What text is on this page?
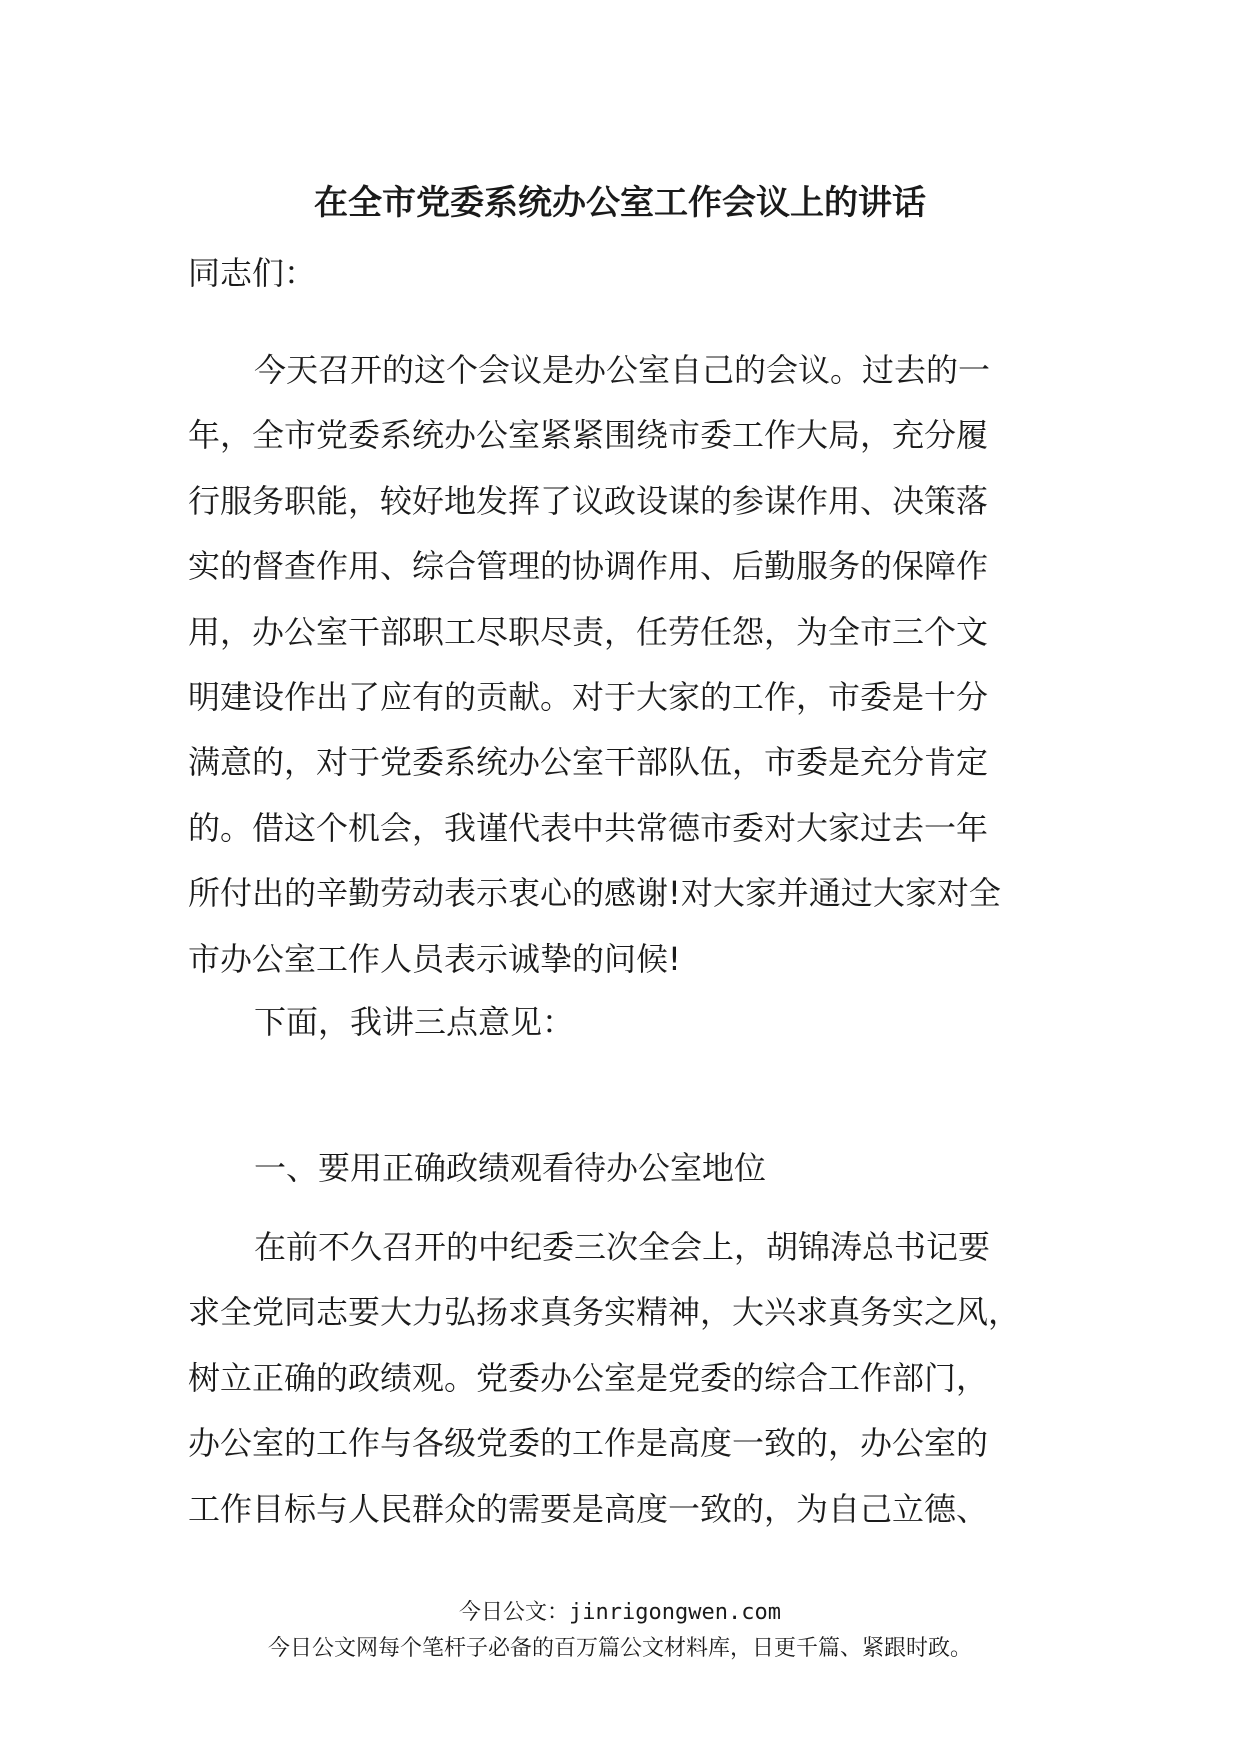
在全市党委系统办公室工作会议上的讲话
同志们：
今天召开的这个会议是办公室自己的会议。过去的一
年，全市党委系统办公室紧紧围绕市委工作大局，充分履
行服务职能，较好地发挥了议政设谋的参谋作用、决策落
实的督查作用、综合管理的协调作用、后勤服务的保障作
用，办公室干部职工尽职尽责，任劳任怨，为全市三个文
明建设作出了应有的贡献。对于大家的工作，市委是十分
满意的，对于党委系统办公室干部队伍，市委是充分肯定
的。借这个机会，我谨代表中共常德市委对大家过去一年
所付出的辛勤劳动表示衷心的感谢!对大家并通过大家对全
市办公室工作人员表示诚挚的问候!
下面，我讲三点意见：
一、要用正确政绩观看待办公室地位
在前不久召开的中纪委三次全会上，胡锦涛总书记要
求全党同志要大力弘扬求真务实精神，大兴求真务实之风，
树立正确的政绩观。党委办公室是党委的综合工作部门，
办公室的工作与各级党委的工作是高度一致的，办公室的
工作目标与人民群众的需要是高度一致的，为自己立德、
今日公文：jinrigongwen.com
今日公文网每个笔杆子必备的百万篇公文材料库，日更千篇、紧跟时政。
